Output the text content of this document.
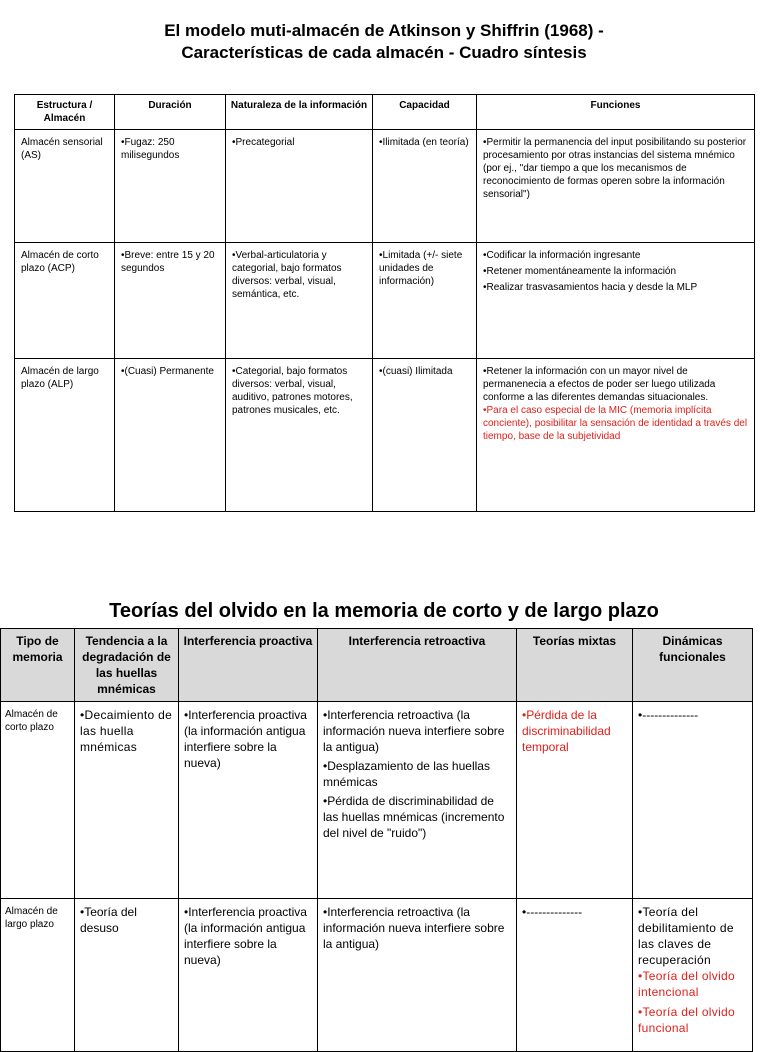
El modelo muti-almacén de Atkinson y Shiffrin (1968) -
Características de cada almacén - Cuadro síntesis
Estructura / Almacén	Duración	Naturaleza de la información	Capacidad	Funciones
Almacén sensorial (AS)	•Fugaz: 250 milisegundos	•Precategorial	•Ilimitada (en teoría)	•Permitir la permanencia del input posibilitando su posterior procesamiento por otras instancias del sistema mnémico (por ej., "dar tiempo a que los mecanismos de reconocimiento de formas operen sobre la información sensorial")

Almacén de corto plazo (ACP)	•Breve: entre 15 y 20 segundos	•Verbal-articulatoria y categorial, bajo formatos diversos: verbal, visual, semántica, etc.	•Limitada (+/- siete unidades de información)	•Codificar la información ingresante
•Retener momentáneamente la información
•Realizar trasvasamientos hacia y desde la MLP

Almacén de largo plazo (ALP)	•(Cuasi) Permanente	•Categorial, bajo formatos diversos: verbal, visual, auditivo, patrones motores, patrones musicales, etc.	•(cuasi) Ilimitada	•Retener la información con un mayor nivel de permanenecia a efectos de poder ser luego utilizada conforme a las diferentes demandas situacionales.
•Para el caso especial de la MIC (memoria implícita conciente), posibilitar la sensación de identidad a través del tiempo, base de la subjetividad
Teorías del olvido en la memoria de corto y de largo plazo
Tipo de memoria	Tendencia a la degradación de las huellas mnémicas	Interferencia proactiva	Interferencia retroactiva	Teorías mixtas	Dinámicas funcionales
Almacén de corto plazo	•Decaimiento de las huella mnémicas	•Interferencia proactiva (la información antigua interfiere sobre la nueva)	•Interferencia retroactiva (la información nueva interfiere sobre la antigua)
•Desplazamiento de las huellas mnémicas
•Pérdida de discriminabilidad de las huellas mnémicas (incremento del nivel de "ruido")	•Pérdida de la discriminabilidad temporal	•--------------

Almacén de largo plazo	•Teoría del desuso	•Interferencia proactiva (la información antigua interfiere sobre la nueva)	•Interferencia retroactiva (la información nueva interfiere sobre la antigua)	•--------------	•Teoría del debilitamiento de las claves de recuperación
•Teoría del olvido intencional
•Teoría del olvido funcional
